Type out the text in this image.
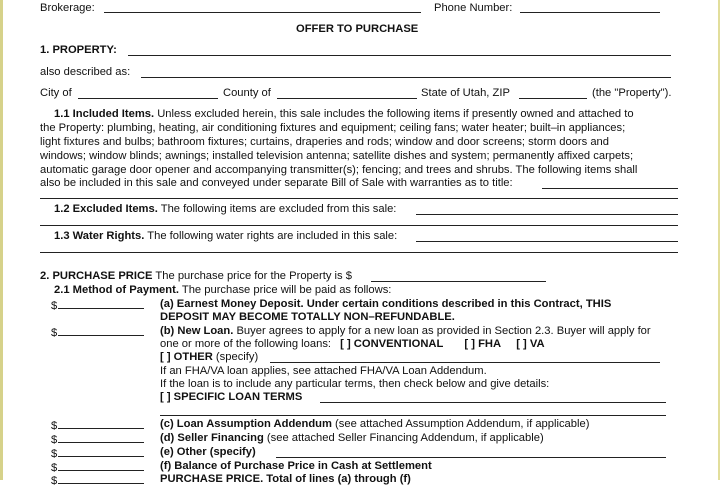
Brokerage:	Phone Number:
OFFER TO PURCHASE
1. PROPERTY:
also described as:
City of	County of	State of Utah, ZIP	(the "Property").
1.1 Included Items. Unless excluded herein, this sale includes the following items if presently owned and attached to
the Property: plumbing, heating, air conditioning fixtures and equipment; ceiling fans; water heater; built–in appliances;
light fixtures and bulbs; bathroom fixtures; curtains, draperies and rods; window and door screens; storm doors and
windows; window blinds; awnings; installed television antenna; satellite dishes and system; permanently affixed carpets;
automatic garage door opener and accompanying transmitter(s); fencing; and trees and shrubs. The following items shall
also be included in this sale and conveyed under separate Bill of Sale with warranties as to title:
1.2 Excluded Items. The following items are excluded from this sale:
1.3 Water Rights. The following water rights are included in this sale:
2. PURCHASE PRICE The purchase price for the Property is $
2.1 Method of Payment. The purchase price will be paid as follows:
$	(a) Earnest Money Deposit. Under certain conditions described in this Contract, THIS
DEPOSIT MAY BECOME TOTALLY NON–REFUNDABLE.
$	(b) New Loan. Buyer agrees to apply for a new loan as provided in Section 2.3. Buyer will apply for
one or more of the following loans: [ ] CONVENTIONAL [ ] FHA [ ] VA
[ ] OTHER (specify)
If an FHA/VA loan applies, see attached FHA/VA Loan Addendum.
If the loan is to include any particular terms, then check below and give details:
[ ] SPECIFIC LOAN TERMS
$	(c) Loan Assumption Addendum (see attached Assumption Addendum, if applicable)
$	(d) Seller Financing (see attached Seller Financing Addendum, if applicable)
$	(e) Other (specify)
$	(f) Balance of Purchase Price in Cash at Settlement
$	PURCHASE PRICE. Total of lines (a) through (f)
